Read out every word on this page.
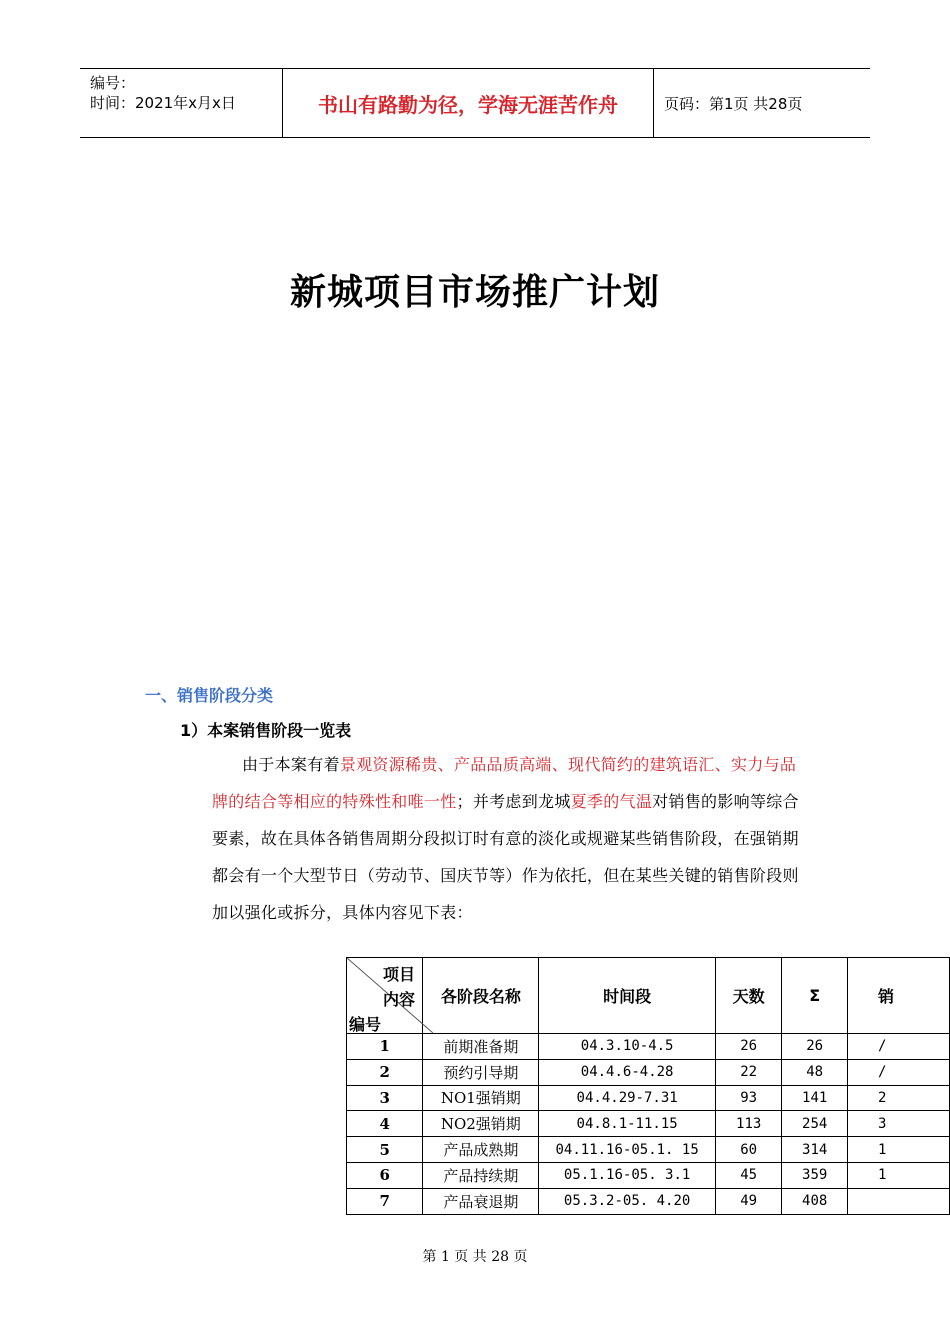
编号：
时间：2021年x月x日	书山有路勤为径，学海无涯苦作舟	页码：第1页 共28页
新城项目市场推广计划
一、销售阶段分类
1）本案销售阶段一览表
由于本案有着景观资源稀贵、产品品质高端、现代简约的建筑语汇、实力与品牌的结合等相应的特殊性和唯一性；并考虑到龙城夏季的气温对销售的影响等综合要素，故在具体各销售周期分段拟订时有意的淡化或规避某些销售阶段，在强销期都会有一个大型节日（劳动节、国庆节等）作为依托，但在某些关键的销售阶段则加以强化或拆分，具体内容见下表：
项目
内容
编号	各阶段名称	时间段	天数	Σ	销
1	前期准备期	04.3.10-4.5	26	26	/
2	预约引导期	04.4.6-4.28	22	48	/
3	NO1强销期	04.4.29-7.31	93	141	2
4	NO2强销期	04.8.1-11.15	113	254	3
5	产品成熟期	04.11.16-05.1. 15	60	314	1
6	产品持续期	05.1.16-05. 3.1	45	359	1
7	产品衰退期	05.3.2-05. 4.20	49	408	
第 1 页 共 28 页
